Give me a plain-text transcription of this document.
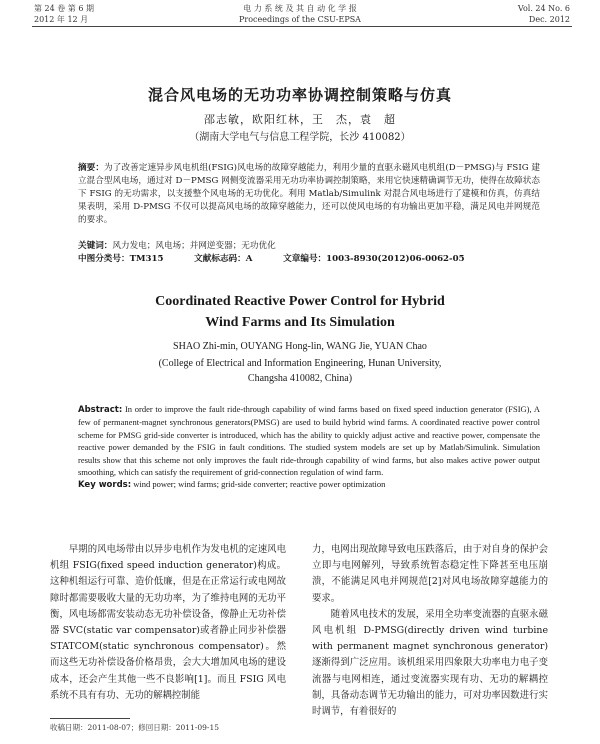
第 24 卷 第 6 期
2012 年 12 月
电 力 系 统 及 其 自 动 化 学 报
Proceedings of the CSU-EPSA
Vol. 24 No. 6
Dec. 2012
混合风电场的无功功率协调控制策略与仿真
邵志敏，欧阳红林，王　杰，袁　超
（湖南大学电气与信息工程学院，长沙 410082）
摘要：为了改善定速异步风电机组(FSIG)风电场的故障穿越能力，利用少量的直驱永磁风电机组(D－PMSG)与 FSIG 建立混合型风电场，通过对 D－PMSG 网侧变流器采用无功功率协调控制策略，来用它快速精确调节无功，使得在故障状态下 FSIG 的无功需求，以支援整个风电场的无功优化。利用 Matlab/Simulink 对混合风电场进行了建模和仿真，仿真结果表明，采用 D-PMSG 不仅可以提高风电场的故障穿越能力，还可以使风电场的有功输出更加平稳，满足风电并网规范的要求。
关键词：风力发电；风电场；并网逆变器；无功优化
中图分类号：TM315	文献标志码：A	文章编号：1003-8930(2012)06-0062-05
Coordinated Reactive Power Control for Hybrid
Wind Farms and Its Simulation
SHAO Zhi-min, OUYANG Hong-lin, WANG Jie, YUAN Chao
(College of Electrical and Information Engineering, Hunan University,
Changsha 410082, China)
Abstract: In order to improve the fault ride-through capability of wind farms based on fixed speed induction generator (FSIG), A few of permanent-magnet synchronous generators(PMSG) are used to build hybrid wind farms. A coordinated reactive power control scheme for PMSG grid-side converter is introduced, which has the ability to quickly adjust active and reactive power, compensate the reactive power demanded by the FSIG in fault conditions. The studied system models are set up by Matlab/Simulink. Simulation results show that this scheme not only improves the fault ride-through capability of wind farms, but also makes active power output smoothing, which can satisfy the requirement of grid-connection regulation of wind farm.
Key words: wind power; wind farms; grid-side converter; reactive power optimization

早期的风电场带由以异步电机作为发电机的定速风电机组 FSIG(fixed speed induction generator)构成。这种机组运行可靠、造价低廉，但是在正常运行或电网故障时都需要吸收大量的无功功率，为了维持电网的无功平衡，风电场都需安装动态无功补偿设备，像静止无功补偿器 SVC(static var compensator)或者静止同步补偿器 STATCOM(static synchronous compensator)。然而这些无功补偿设备价格昂贵，会大大增加风电场的建设成本，还会产生其他一些不良影响[1]。而且 FSIG 风电系统不具有有功、无功的解耦控制能

力，电网出现故障导致电压跌落后，由于对自身的保护会立即与电网解列，导致系统暂态稳定性下降甚至电压崩溃，不能满足风电并网规范[2]对风电场故障穿越能力的要求。

随着风电技术的发展，采用全功率变流器的直驱永磁风电机组 D-PMSG(directly driven wind turbine with permanent magnet synchronous generator)逐渐得到广泛应用。该机组采用四象限大功率电力电子变流器与电网相连，通过变流器实现有功、无功的解耦控制，具备动态调节无功输出的能力，可对功率因数进行实时调节，有着很好的

收稿日期：2011-08-07；修回日期：2011-09-15
